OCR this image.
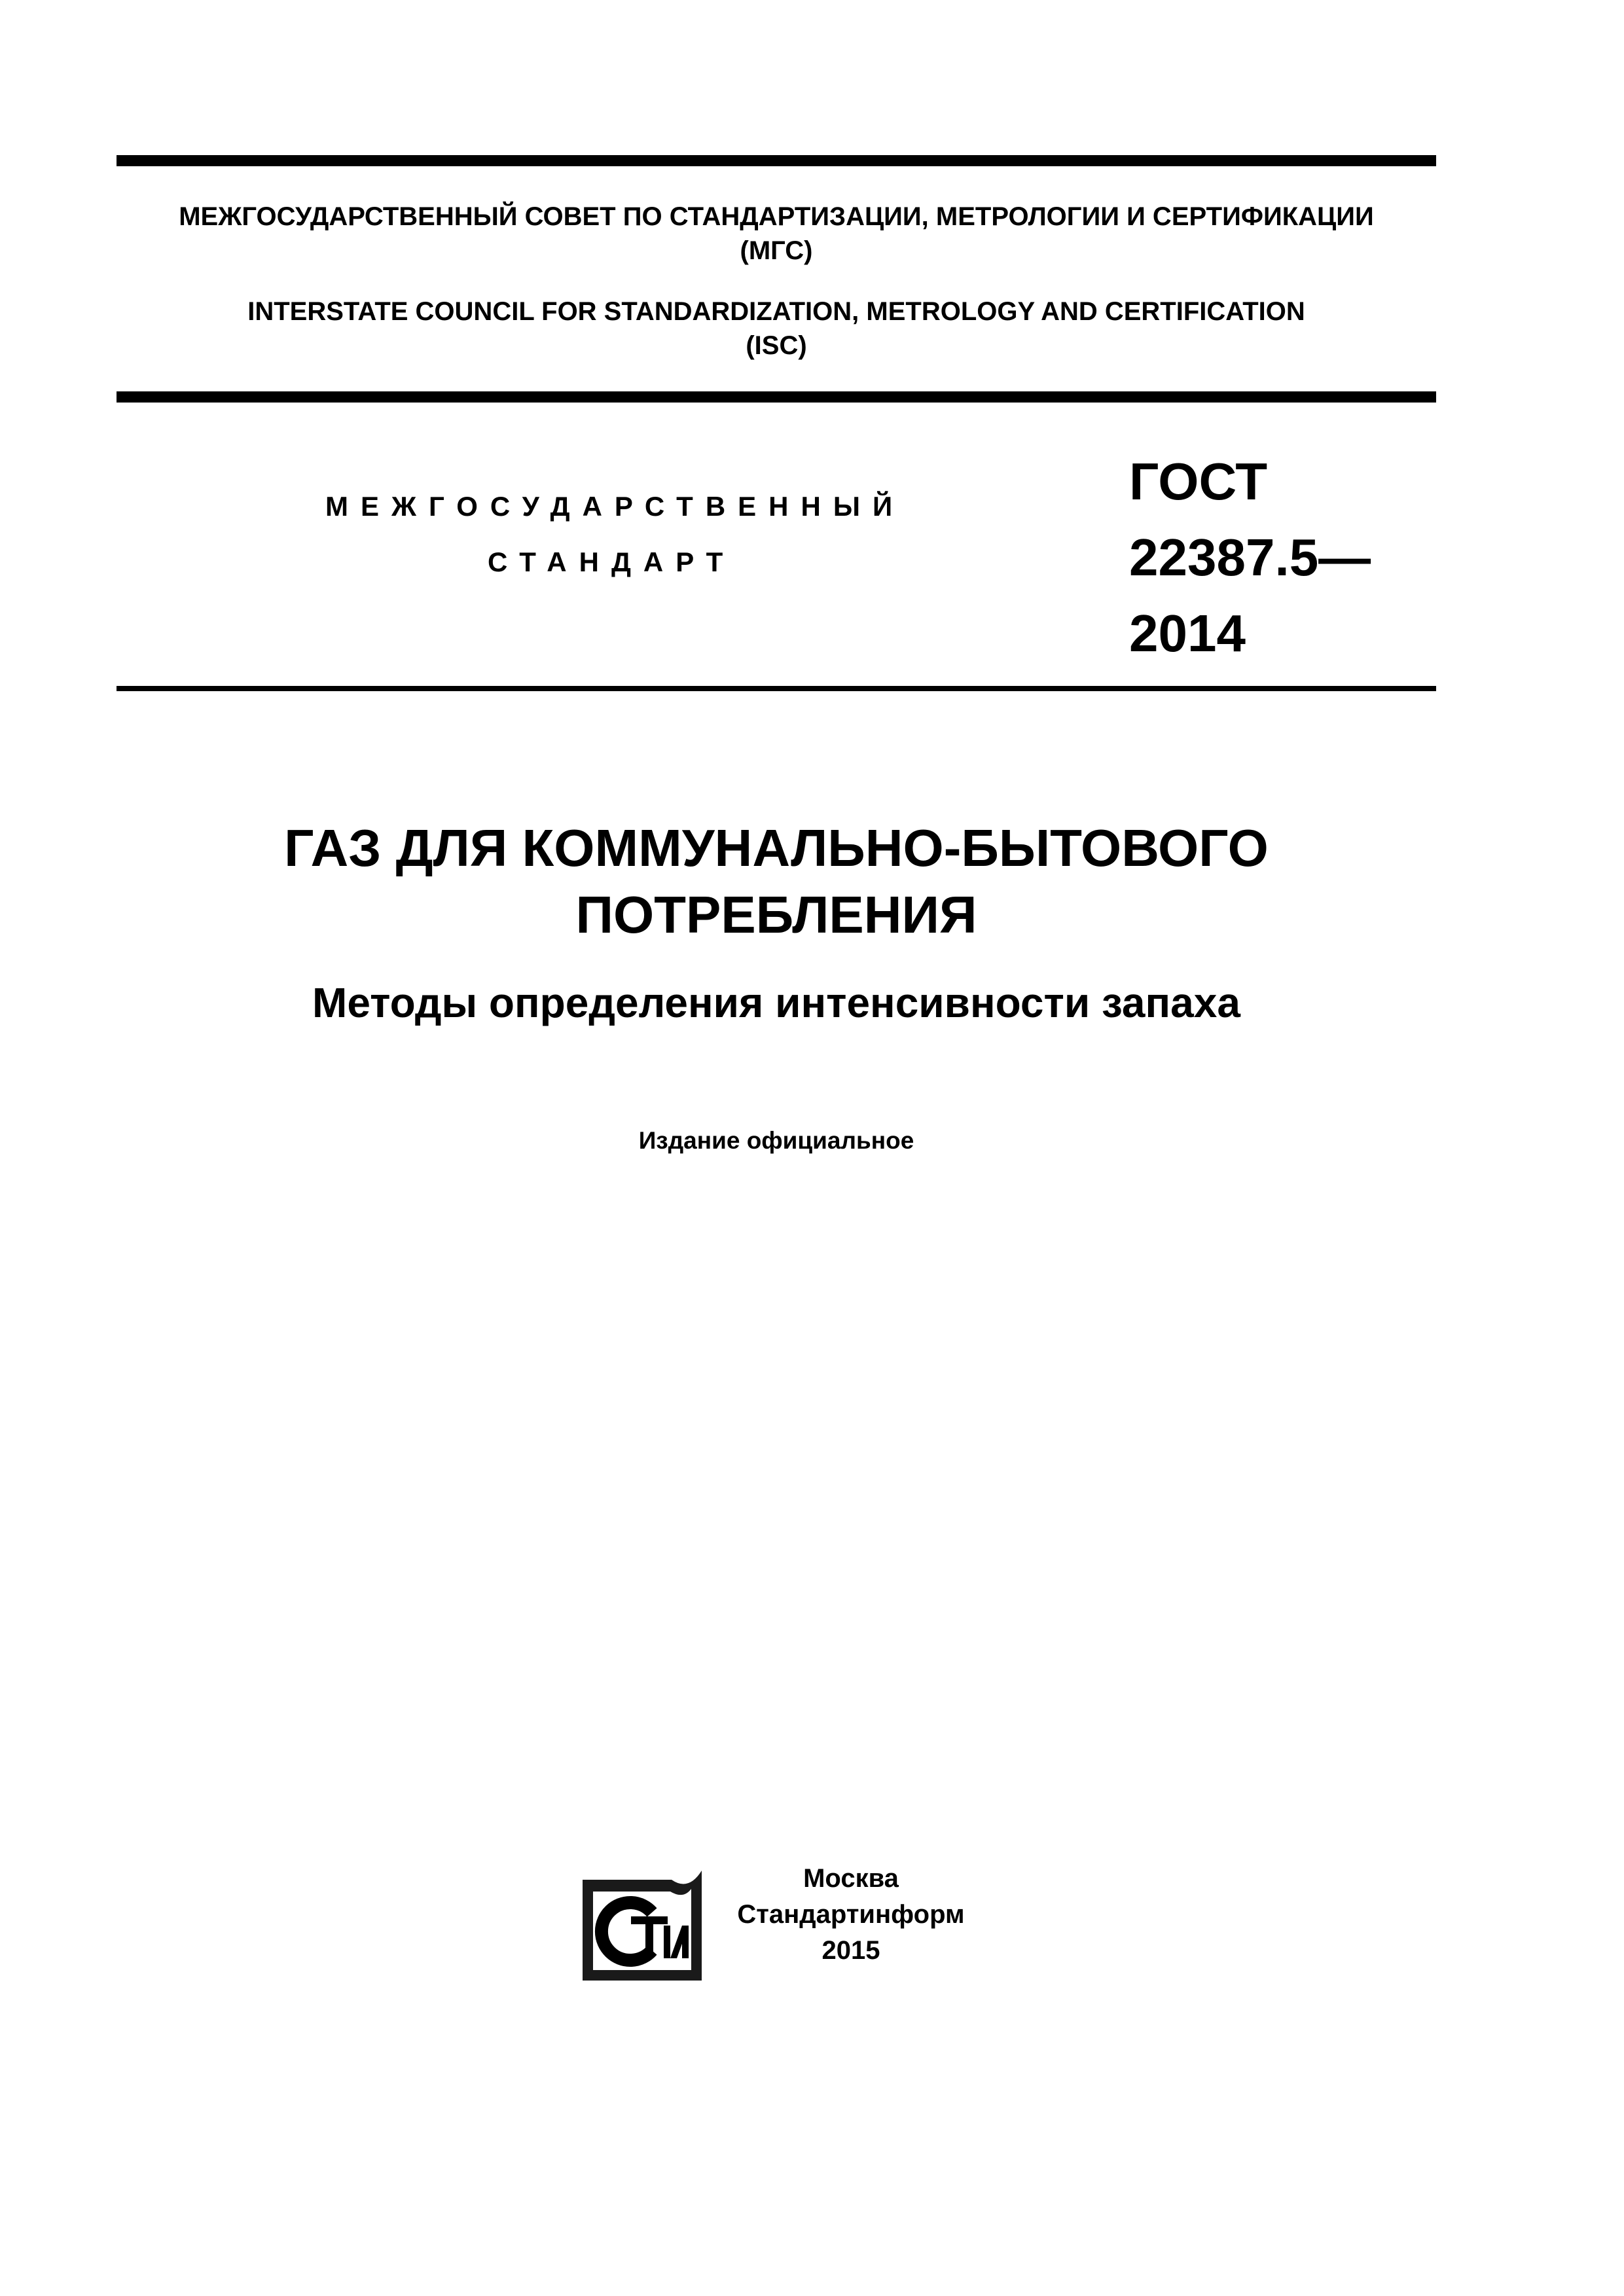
МЕЖГОСУДАРСТВЕННЫЙ СОВЕТ ПО СТАНДАРТИЗАЦИИ, МЕТРОЛОГИИ И СЕРТИФИКАЦИИ
(МГС)
INTERSTATE COUNCIL FOR STANDARDIZATION, METROLOGY AND CERTIFICATION
(ISC)
МЕЖГОСУДАРСТВЕННЫЙ
СТАНДАРТ
ГОСТ
22387.5—
2014
ГАЗ ДЛЯ КОММУНАЛЬНО-БЫТОВОГО
ПОТРЕБЛЕНИЯ
Методы определения интенсивности запаха
Издание официальное
Москва
Стандартинформ
2015
